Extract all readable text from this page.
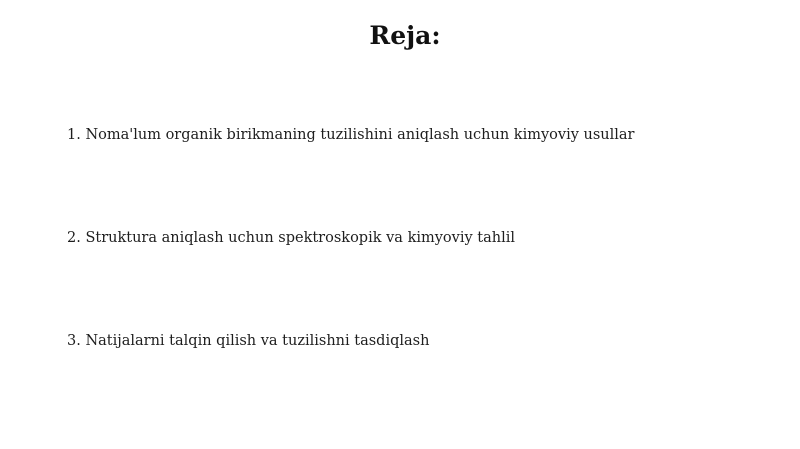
Reja:
1. Noma'lum organik birikmaning tuzilishini aniqlash uchun kimyoviy usullar
2. Struktura aniqlash uchun spektroskopik va kimyoviy tahlil
3. Natijalarni talqin qilish va tuzilishni tasdiqlash
